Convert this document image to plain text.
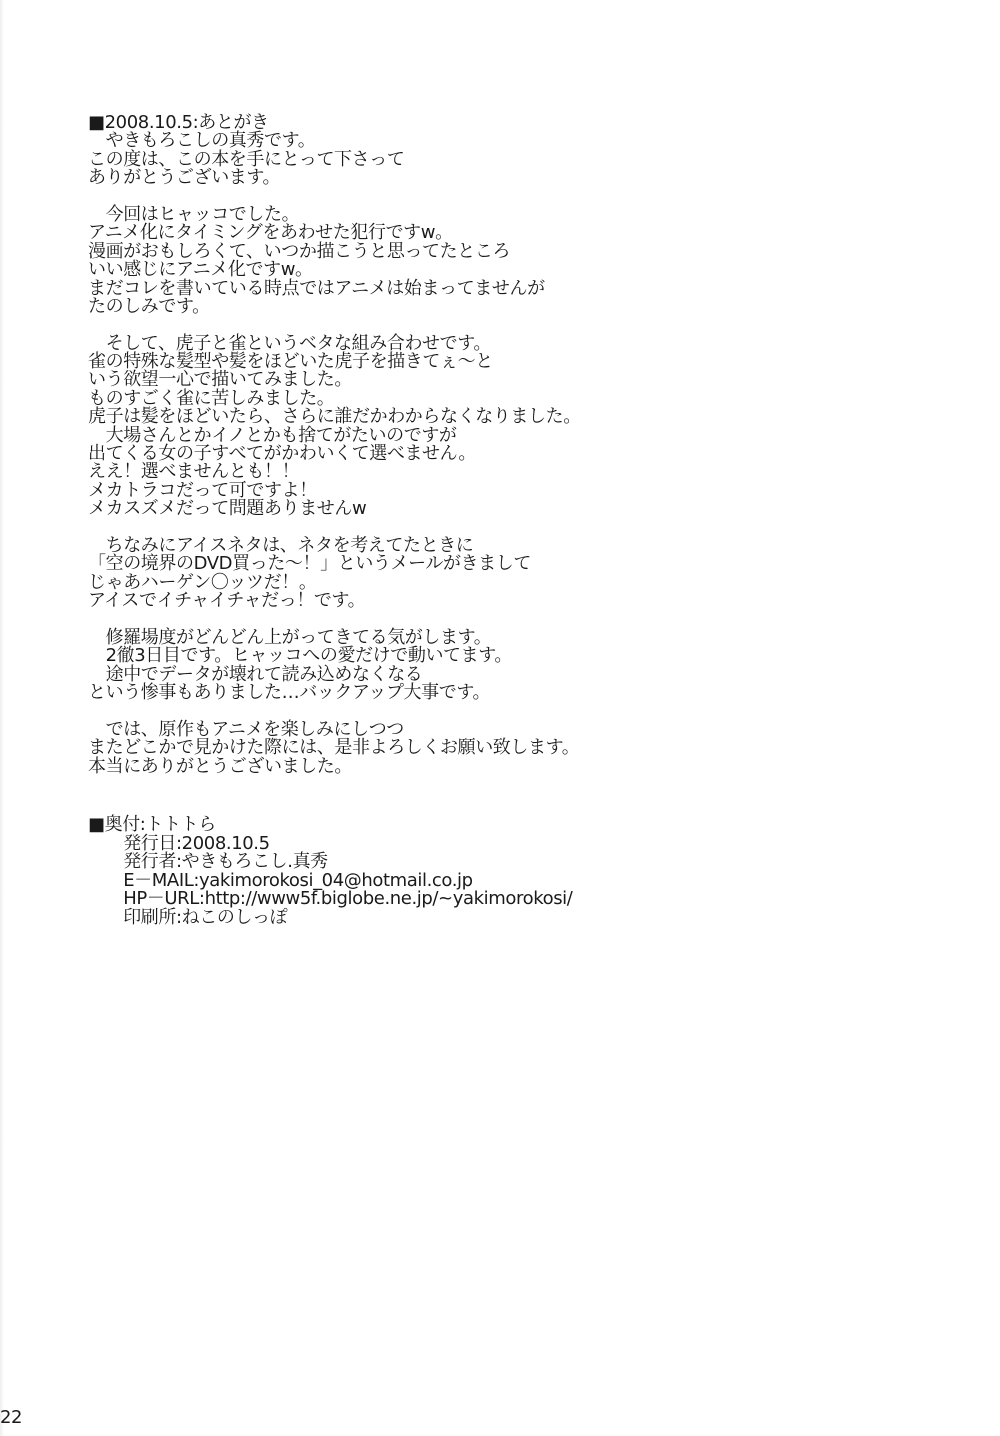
■2008.10.5:あとがき
　やきもろこしの真秀です。
この度は、この本を手にとって下さって
ありがとうございます。
　今回はヒャッコでした。
アニメ化にタイミングをあわせた犯行ですw。
漫画がおもしろくて、いつか描こうと思ってたところ
いい感じにアニメ化ですw。
まだコレを書いている時点ではアニメは始まってませんが
たのしみです。
　そして、虎子と雀というベタな組み合わせです。
雀の特殊な髪型や髪をほどいた虎子を描きてぇ～と
いう欲望一心で描いてみました。
ものすごく雀に苦しみました。
虎子は髪をほどいたら、さらに誰だかわからなくなりました。
　大場さんとかイノとかも捨てがたいのですが
出てくる女の子すべてがかわいくて選べません。
ええ！選べませんとも！！
メカトラコだって可ですよ！
メカスズメだって問題ありませんw
　ちなみにアイスネタは、ネタを考えてたときに
「空の境界のDVD買った～！」というメールがきまして
じゃあハーゲン〇ッツだ！。
アイスでイチャイチャだっ！です。
　修羅場度がどんどん上がってきてる気がします。
　2徹3日目です。ヒャッコへの愛だけで動いてます。
　途中でデータが壊れて読み込めなくなる
という惨事もありました…バックアップ大事です。
　では、原作もアニメを楽しみにしつつ
またどこかで見かけた際には、是非よろしくお願い致します。
本当にありがとうございました。
■奥付:トトトら
　　発行日:2008.10.5
　　発行者:やきもろこし.真秀
　　E－MAIL:yakimorokosi_04@hotmail.co.jp
　　HP－URL:http://www5f.biglobe.ne.jp/~yakimorokosi/
　　印刷所:ねこのしっぽ
22
